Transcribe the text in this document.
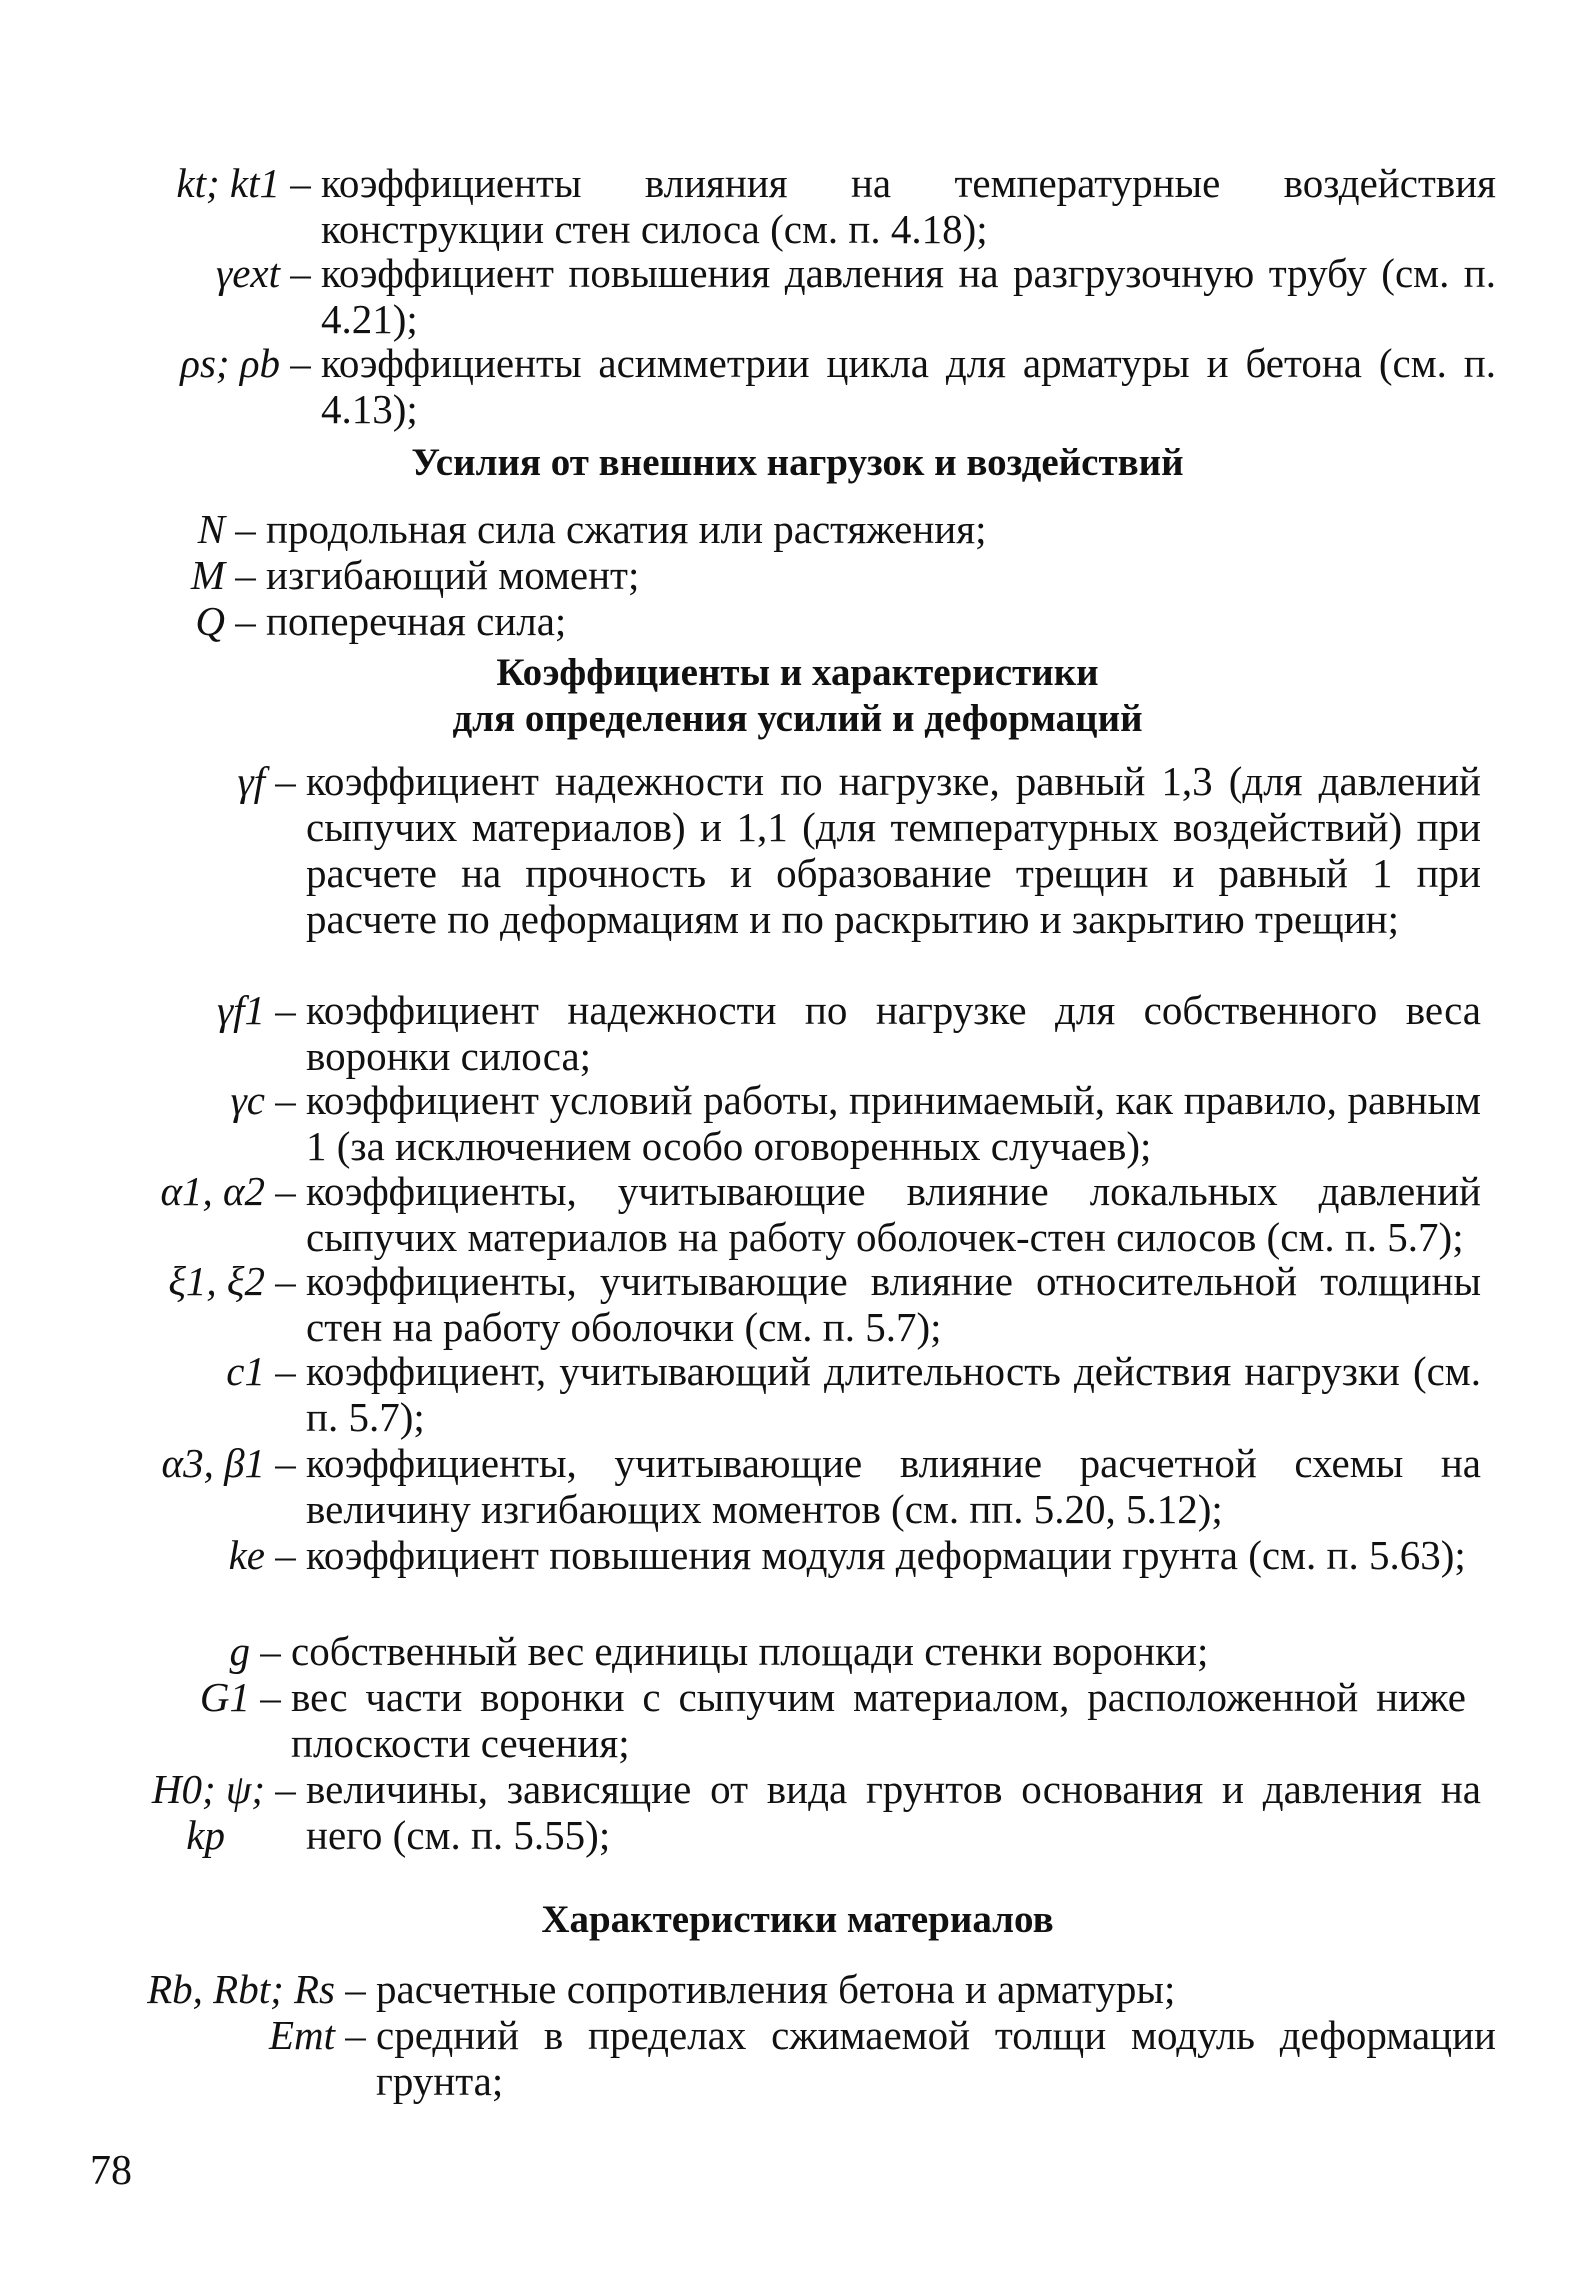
kt; kt1 – коэффициенты влияния на температурные воздействия конструкции стен силоса (см. п. 4.18);
γext – коэффициент повышения давления на разгрузочную трубу (см. п. 4.21);
ρs; ρb – коэффициенты асимметрии цикла для арматуры и бетона (см. п. 4.13);
Усилия от внешних нагрузок и воздействий
N – продольная сила сжатия или растяжения;
M – изгибающий момент;
Q – поперечная сила;
Коэффициенты и характеристики
для определения усилий и деформаций
γf – коэффициент надежности по нагрузке, равный 1,3 (для давлений сыпучих материалов) и 1,1 (для температурных воздействий) при расчете на прочность и образование трещин и равный 1 при расчете по деформациям и по раскрытию и закрытию трещин;
γf1 – коэффициент надежности по нагрузке для собственного веса воронки силоса;
γc – коэффициент условий работы, принимаемый, как правило, равным 1 (за исключением особо оговоренных случаев);
α1, α2 – коэффициенты, учитывающие влияние локальных давлений сыпучих материалов на работу оболочек-стен силосов (см. п. 5.7);
ξ1, ξ2 – коэффициенты, учитывающие влияние относительной толщины стен на работу оболочки (см. п. 5.7);
c1 – коэффициент, учитывающий длительность действия нагрузки (см. п. 5.7);
α3, β1 – коэффициенты, учитывающие влияние расчетной схемы на величину изгибающих моментов (см. пп. 5.20, 5.12);
ke – коэффициент повышения модуля деформации грунта (см. п. 5.63);
g – собственный вес единицы площади стенки воронки;
G1 – вес части воронки с сыпучим материалом, расположенной ниже плоскости сечения;
H0; ψ;
kp
– величины, зависящие от вида грунтов основания и давления на него (см. п. 5.55);
Характеристики материалов
Rb, Rbt; Rs – расчетные сопротивления бетона и арматуры;
Emt – средний в пределах сжимаемой толщи модуль деформации грунта;
78
